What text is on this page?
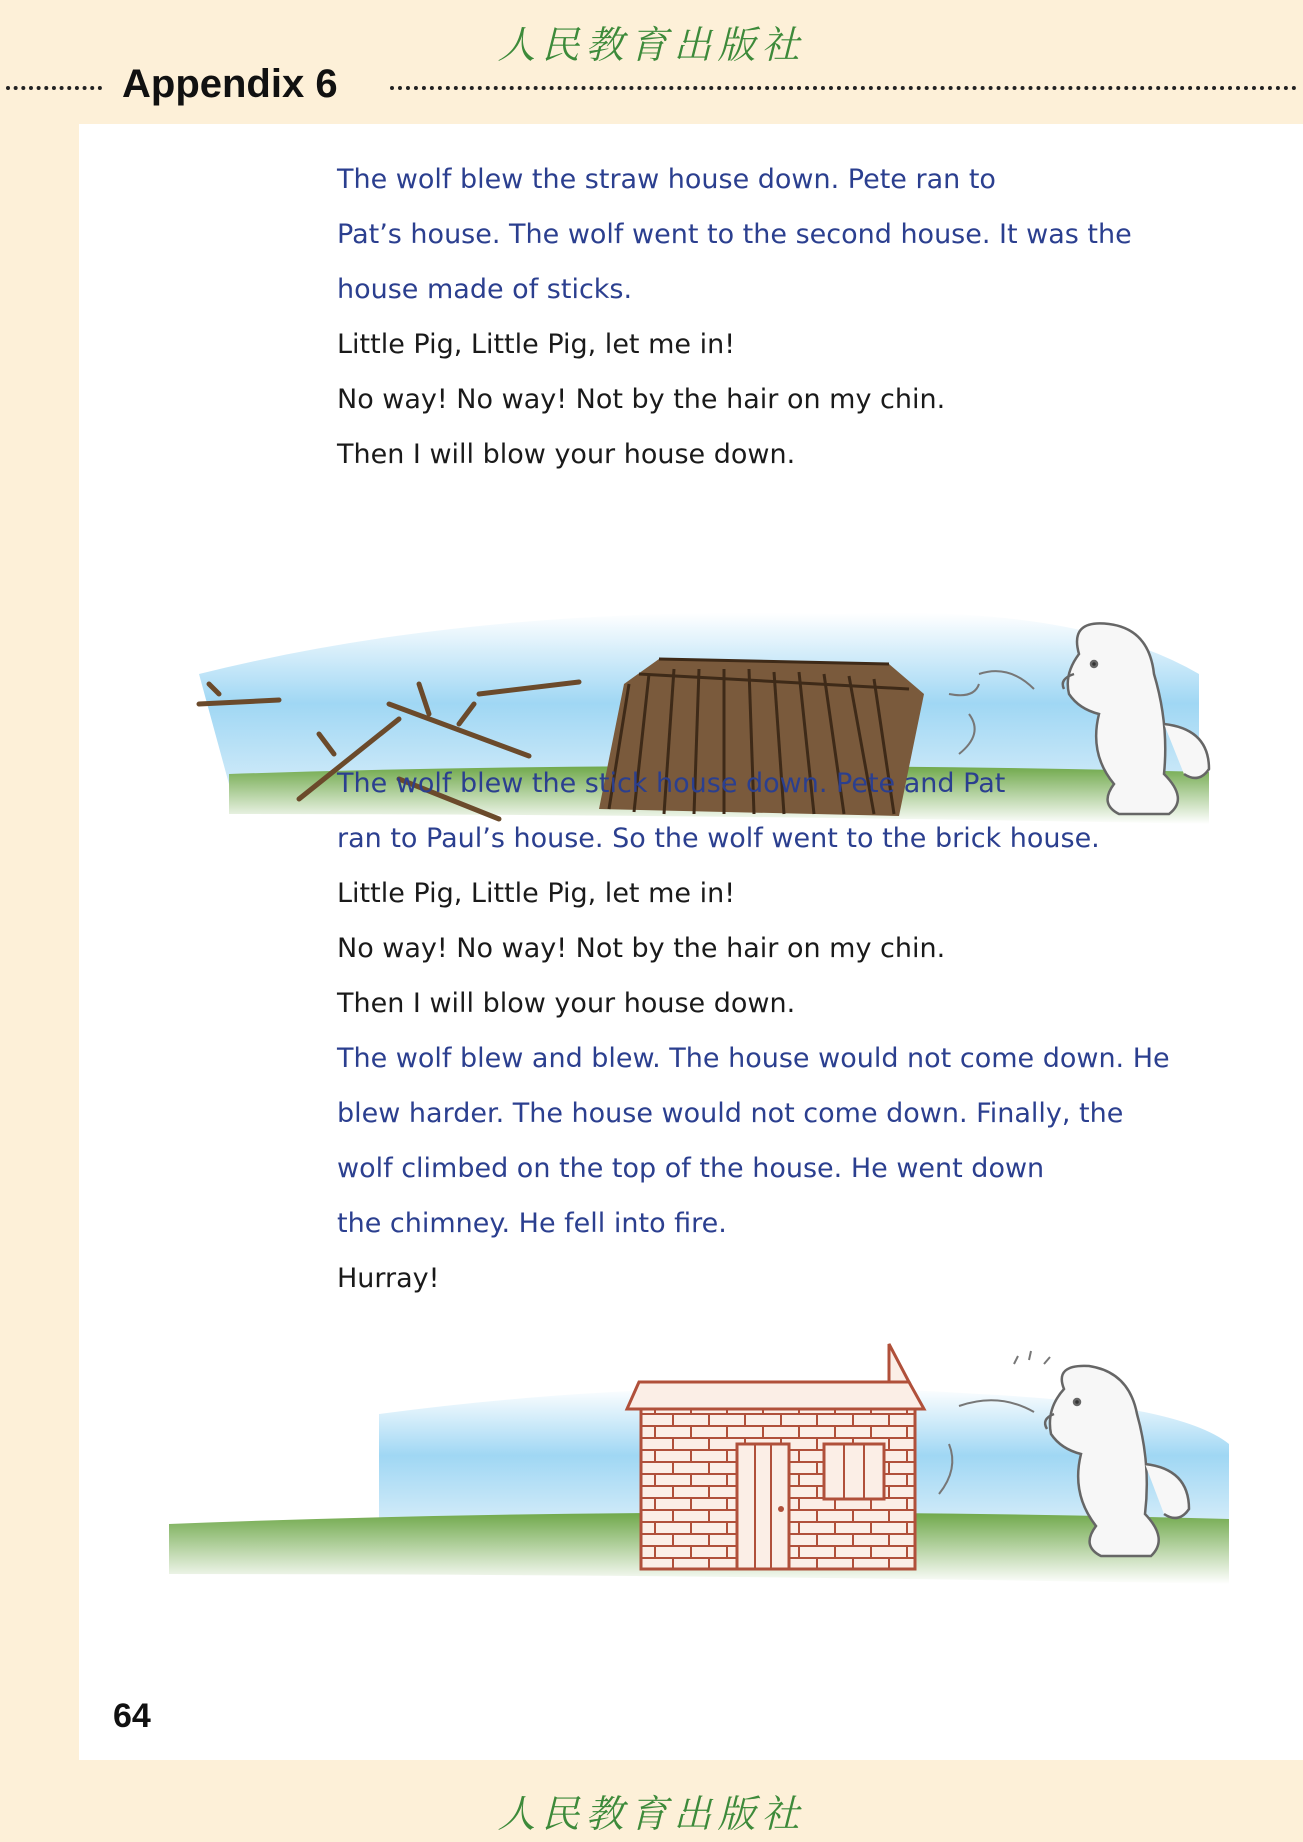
人民教育出版社
Appendix 6
The wolf blew the straw house down. Pete ran to
Pat’s house. The wolf went to the second house. It was the
house made of sticks.
Little Pig, Little Pig, let me in!
No way! No way! Not by the hair on my chin.
Then I will blow your house down.
The wolf blew the stick house down. Pete and Pat
ran to Paul’s house. So the wolf went to the brick house.
Little Pig, Little Pig, let me in!
No way! No way! Not by the hair on my chin.
Then I will blow your house down.
The wolf blew and blew. The house would not come down. He
blew harder. The house would not come down. Finally, the
wolf climbed on the top of the house. He went down
the chimney. He fell into fire.
Hurray!
64
人民教育出版社
